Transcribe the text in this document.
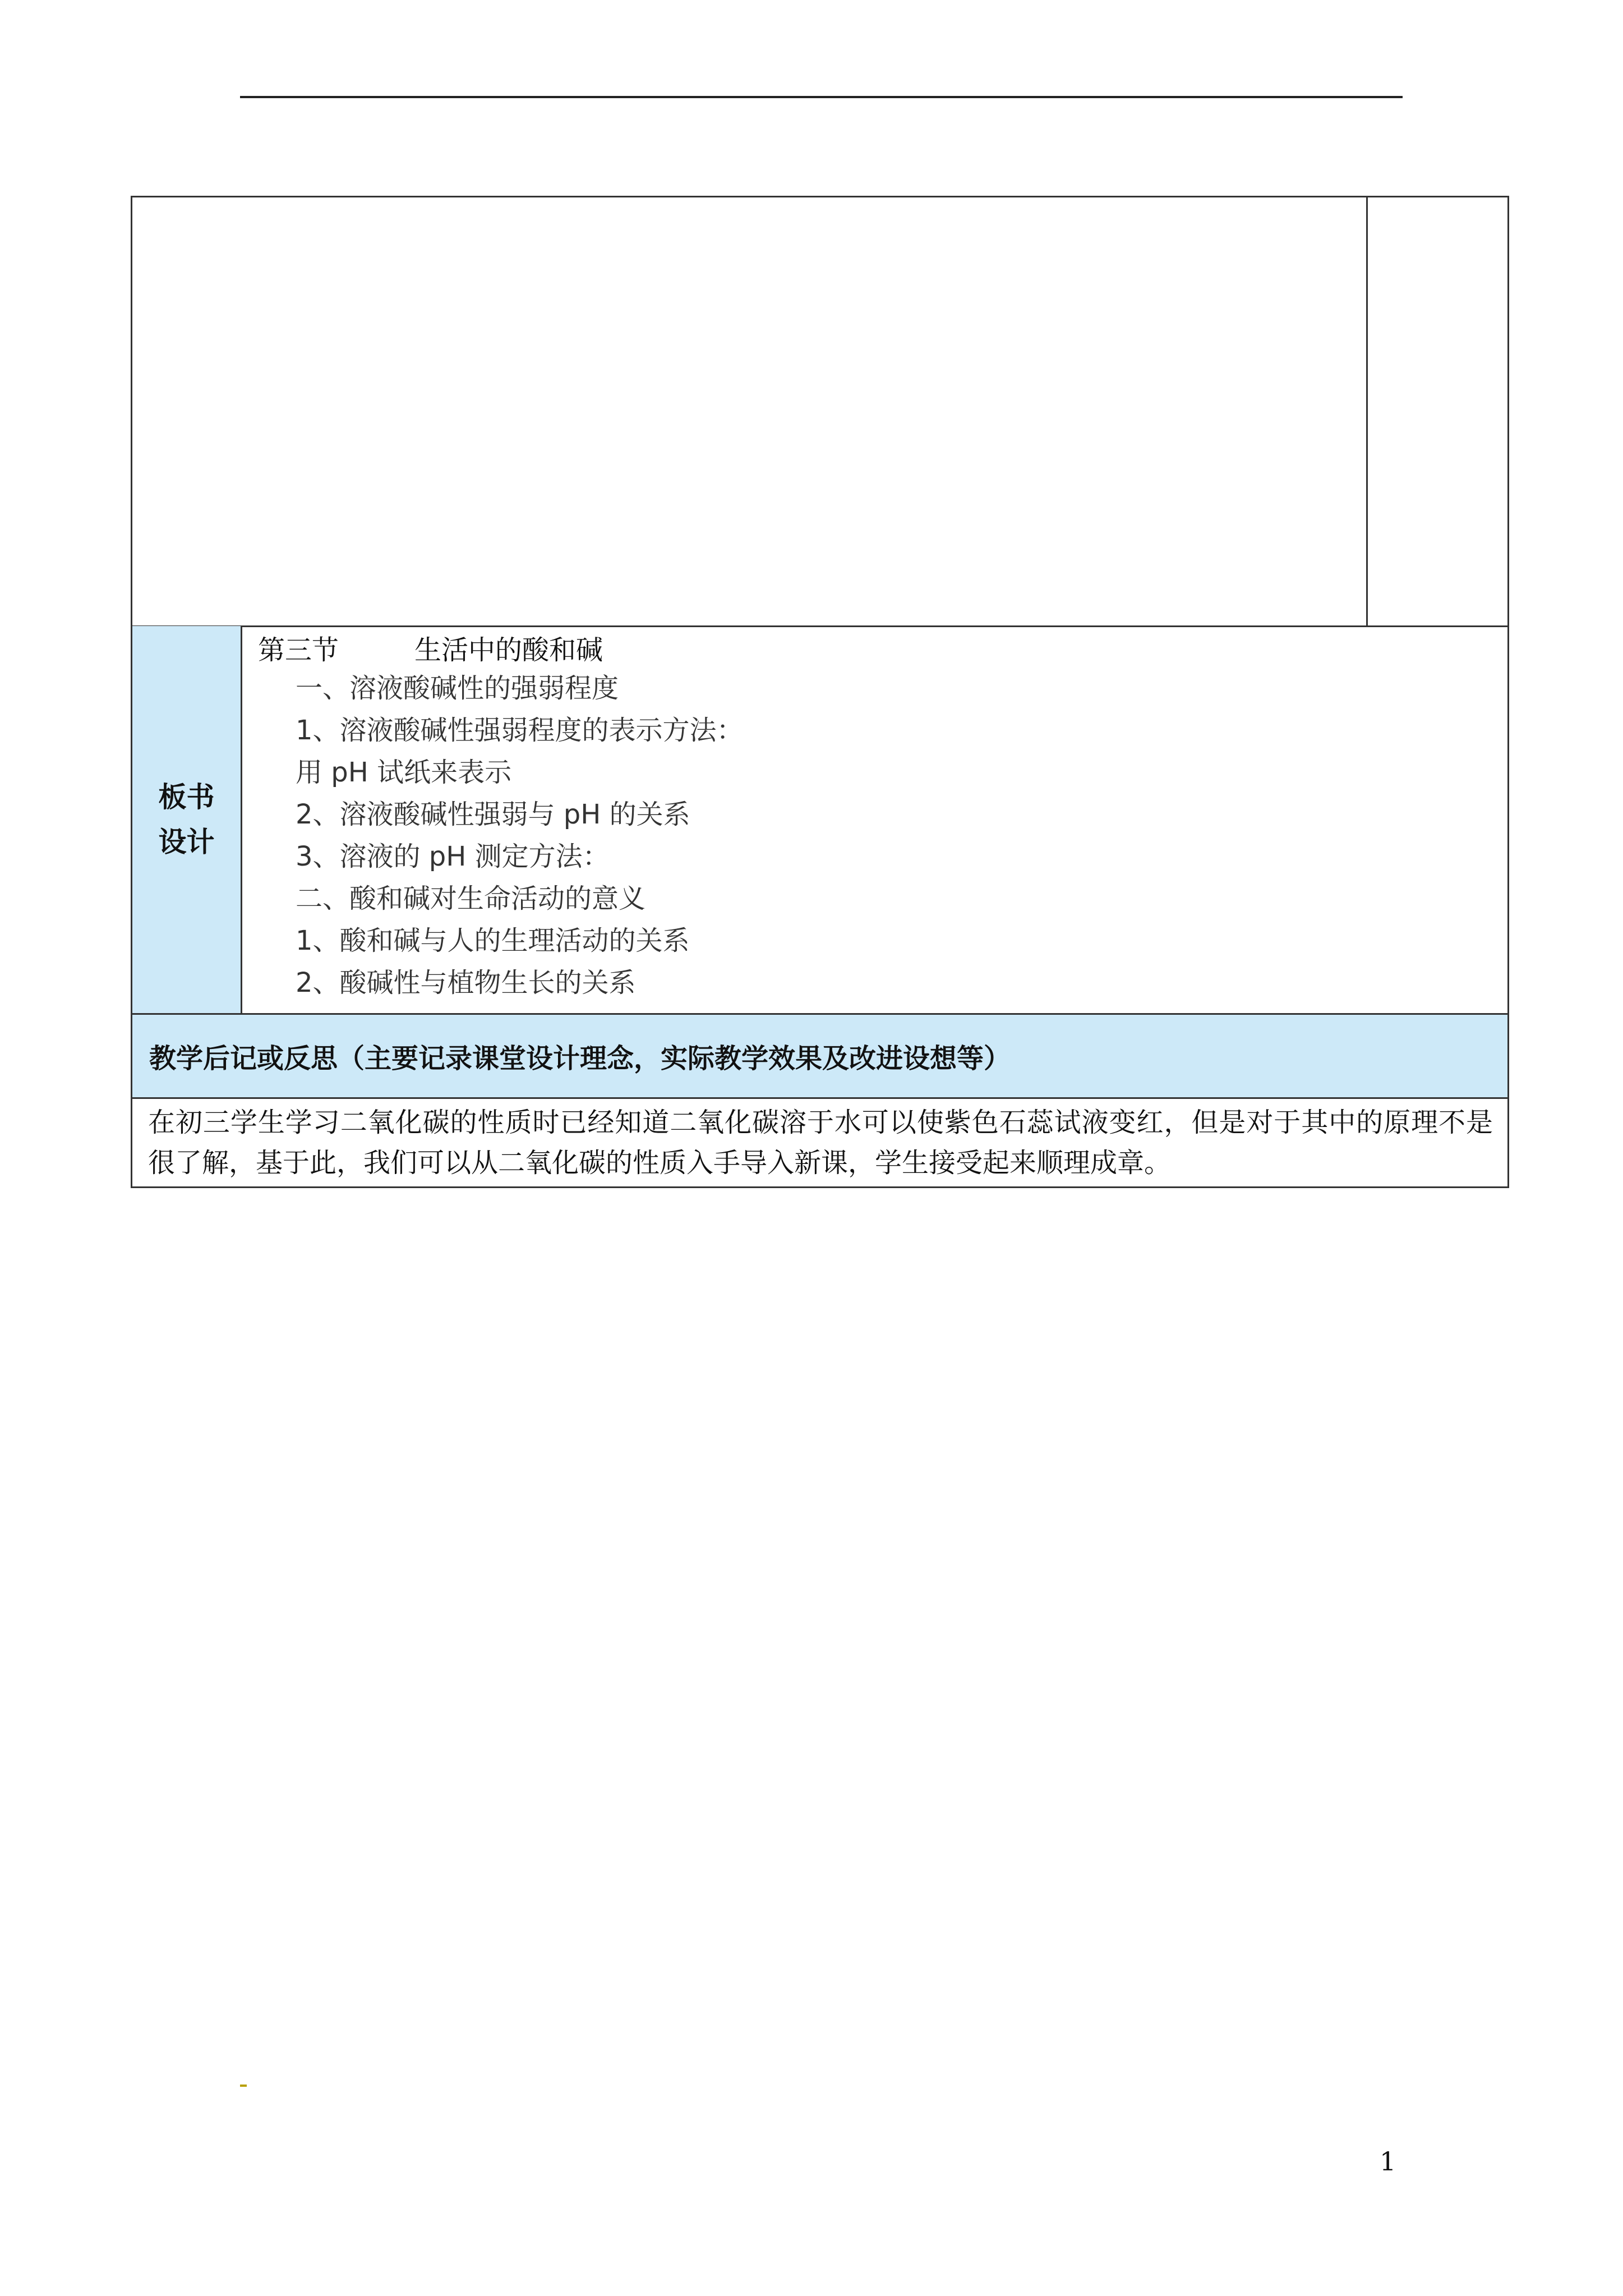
板书
设计
第三节	生活中的酸和碱
一、溶液酸碱性的强弱程度
1、溶液酸碱性强弱程度的表示方法：
用 pH 试纸来表示
2、溶液酸碱性强弱与 pH 的关系
3、溶液的 pH 测定方法：
二、酸和碱对生命活动的意义
1、酸和碱与人的生理活动的关系
2、酸碱性与植物生长的关系
教学后记或反思（主要记录课堂设计理念，实际教学效果及改进设想等）

在初三学生学习二氧化碳的性质时已经知道二氧化碳溶于水可以使紫色石蕊试液变红，但是对于其中的原理不是很了解，基于此，我们可以从二氧化碳的性质入手导入新课，学生接受起来顺理成章。

1
